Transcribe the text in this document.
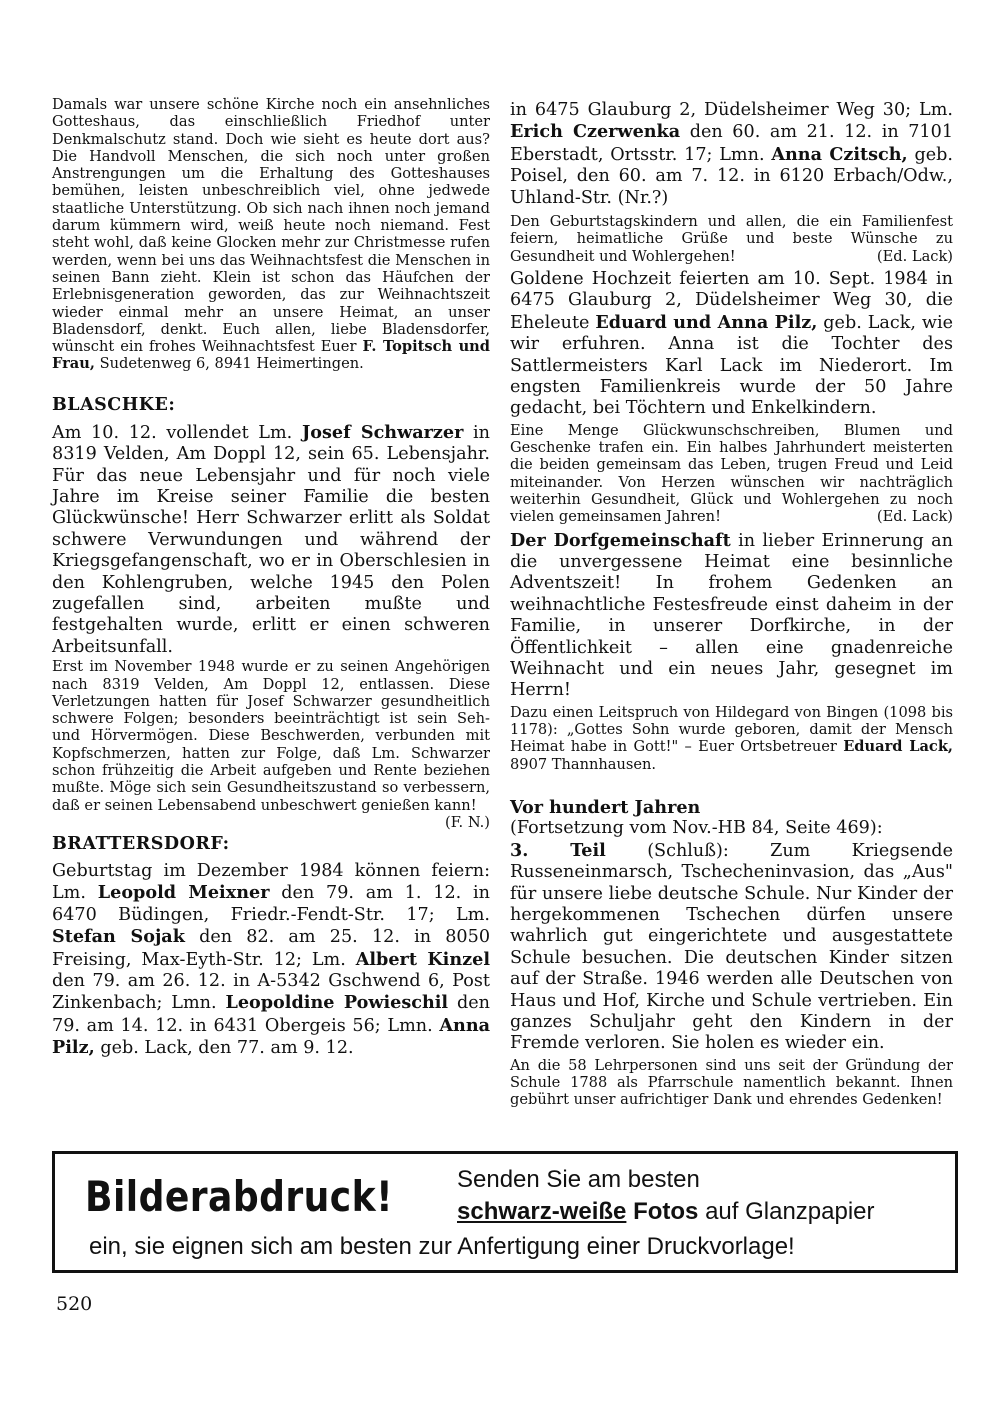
Damals war unsere schöne Kirche noch ein ansehnliches Gotteshaus, das einschließlich Friedhof unter Denkmalschutz stand. Doch wie sieht es heute dort aus? Die Handvoll Menschen, die sich noch unter großen Anstrengungen um die Erhaltung des Gotteshauses bemühen, leisten unbeschreiblich viel, ohne jedwede staatliche Unterstützung. Ob sich nach ihnen noch jemand darum kümmern wird, weiß heute noch niemand. Fest steht wohl, daß keine Glocken mehr zur Christmesse rufen werden, wenn bei uns das Weihnachtsfest die Menschen in seinen Bann zieht. Klein ist schon das Häufchen der Erlebnisgeneration geworden, das zur Weihnachtszeit wieder einmal mehr an unsere Heimat, an unser Bladensdorf, denkt. Euch allen, liebe Bladensdorfer, wünscht ein frohes Weihnachtsfest Euer F. Topitsch und Frau, Sudetenweg 6, 8941 Heimertingen.

BLASCHKE:

Am 10. 12. vollendet Lm. Josef Schwarzer in 8319 Velden, Am Doppl 12, sein 65. Lebensjahr. Für das neue Lebensjahr und für noch viele Jahre im Kreise seiner Familie die besten Glückwünsche! Herr Schwarzer erlitt als Soldat schwere Verwundungen und während der Kriegsgefangenschaft, wo er in Oberschlesien in den Kohlengruben, welche 1945 den Polen zugefallen sind, arbeiten mußte und festgehalten wurde, erlitt er einen schweren Arbeitsunfall.

Erst im November 1948 wurde er zu seinen Angehörigen nach 8319 Velden, Am Doppl 12, entlassen. Diese Verletzungen hatten für Josef Schwarzer gesundheitlich schwere Folgen; besonders beeinträchtigt ist sein Seh- und Hörvermögen. Diese Beschwerden, verbunden mit Kopfschmerzen, hatten zur Folge, daß Lm. Schwarzer schon frühzeitig die Arbeit aufgeben und Rente beziehen mußte. Möge sich sein Gesundheitszustand so verbessern, daß er seinen Lebensabend unbeschwert genießen kann!
(F. N.)

BRATTERSDORF:

Geburtstag im Dezember 1984 können feiern: Lm. Leopold Meixner den 79. am 1. 12. in 6470 Büdingen, Friedr.-Fendt-Str. 17; Lm. Stefan Sojak den 82. am 25. 12. in 8050 Freising, Max-Eyth-Str. 12; Lm. Albert Kinzel den 79. am 26. 12. in A-5342 Gschwend 6, Post Zinkenbach; Lmn. Leopoldine Powieschil den 79. am 14. 12. in 6431 Obergeis 56; Lmn. Anna Pilz, geb. Lack, den 77. am 9. 12.

in 6475 Glauburg 2, Düdelsheimer Weg 30; Lm. Erich Czerwenka den 60. am 21. 12. in 7101 Eberstadt, Ortsstr. 17; Lmn. Anna Czitsch, geb. Poisel, den 60. am 7. 12. in 6120 Erbach/Odw., Uhland-Str. (Nr.?)

Den Geburtstagskindern und allen, die ein Familienfest feiern, heimatliche Grüße und beste Wünsche zu Gesundheit und Wohlergehen!	(Ed. Lack)

Goldene Hochzeit feierten am 10. Sept. 1984 in 6475 Glauburg 2, Düdelsheimer Weg 30, die Eheleute Eduard und Anna Pilz, geb. Lack, wie wir erfuhren. Anna ist die Tochter des Sattlermeisters Karl Lack im Niederort. Im engsten Familienkreis wurde der 50 Jahre gedacht, bei Töchtern und Enkelkindern.

Eine Menge Glückwunschschreiben, Blumen und Geschenke trafen ein. Ein halbes Jahrhundert meisterten die beiden gemeinsam das Leben, trugen Freud und Leid miteinander. Von Herzen wünschen wir nachträglich weiterhin Gesundheit, Glück und Wohlergehen zu noch vielen gemeinsamen Jahren!	(Ed. Lack)

Der Dorfgemeinschaft in lieber Erinnerung an die unvergessene Heimat eine besinnliche Adventszeit! In frohem Gedenken an weihnachtliche Festesfreude einst daheim in der Familie, in unserer Dorfkirche, in der Öffentlichkeit – allen eine gnadenreiche Weihnacht und ein neues Jahr, gesegnet im Herrn!

Dazu einen Leitspruch von Hildegard von Bingen (1098 bis 1178): „Gottes Sohn wurde geboren, damit der Mensch Heimat habe in Gott!" – Euer Ortsbetreuer Eduard Lack, 8907 Thannhausen.

Vor hundert Jahren

(Fortsetzung vom Nov.-HB 84, Seite 469):

3. Teil (Schluß): Zum Kriegsende Russeneinmarsch, Tschecheninvasion, das „Aus" für unsere liebe deutsche Schule. Nur Kinder der hergekommenen Tschechen dürfen unsere wahrlich gut eingerichtete und ausgestattete Schule besuchen. Die deutschen Kinder sitzen auf der Straße. 1946 werden alle Deutschen von Haus und Hof, Kirche und Schule vertrieben. Ein ganzes Schuljahr geht den Kindern in der Fremde verloren. Sie holen es wieder ein.

An die 58 Lehrpersonen sind uns seit der Gründung der Schule 1788 als Pfarrschule namentlich bekannt. Ihnen gebührt unser aufrichtiger Dank und ehrendes Gedenken!

Bilderabdruck!	Senden Sie am besten
schwarz-weiße Fotos auf Glanzpapier
ein, sie eignen sich am besten zur Anfertigung einer Druckvorlage!
520
